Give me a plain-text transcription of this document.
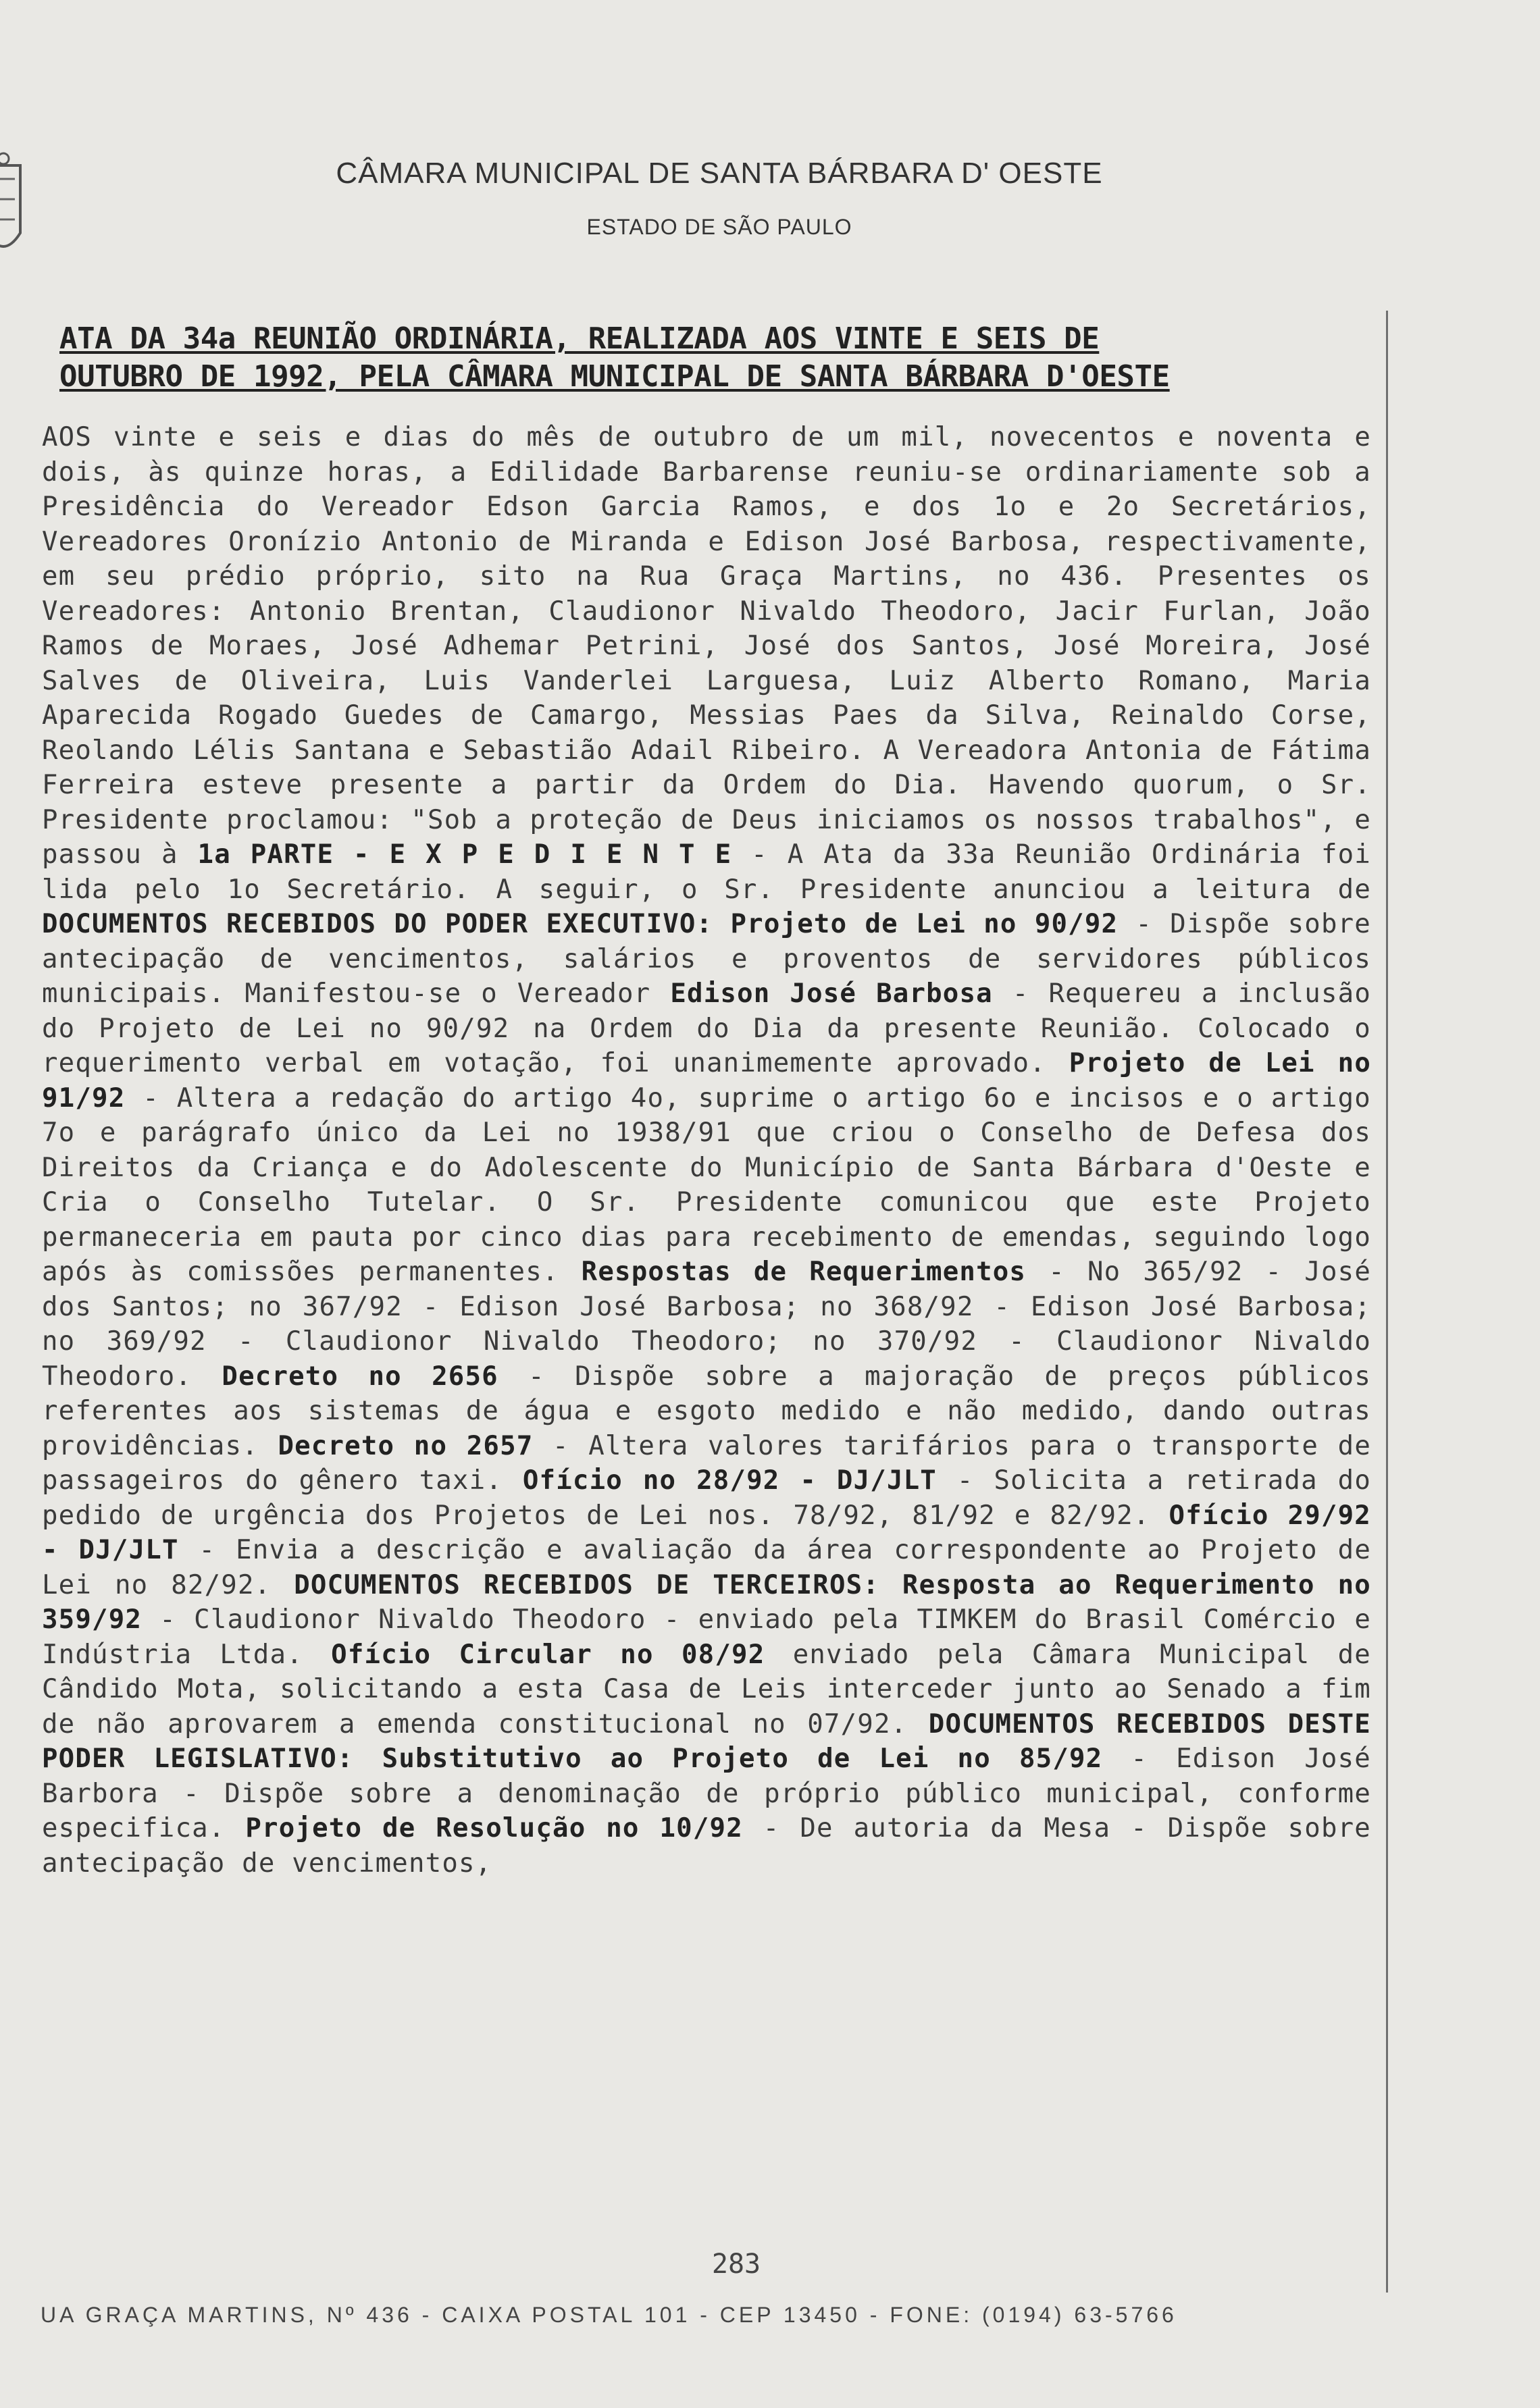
CÂMARA MUNICIPAL DE SANTA BÁRBARA D' OESTE
ESTADO DE SÃO PAULO
ATA DA 34a REUNIÃO ORDINÁRIA, REALIZADA AOS VINTE E SEIS DE
OUTUBRO DE 1992, PELA CÂMARA MUNICIPAL DE SANTA BÁRBARA D'OESTE
AOS vinte e seis e dias do mês de outubro de um mil, novecentos e noventa e dois, às quinze horas, a Edilidade Barbarense reuniu-se ordinariamente sob a Presidência do Vereador Edson Garcia Ramos, e dos 1o e 2o Secretários, Vereadores Oronízio Antonio de Miranda e Edison José Barbosa, respectivamente, em seu prédio próprio, sito na Rua Graça Martins, no 436. Presentes os Vereadores: Antonio Brentan, Claudionor Nivaldo Theodoro, Jacir Furlan, João Ramos de Moraes, José Adhemar Petrini, José dos Santos, José Moreira, José Salves de Oliveira, Luis Vanderlei Larguesa, Luiz Alberto Romano, Maria Aparecida Rogado Guedes de Camargo, Messias Paes da Silva, Reinaldo Corse, Reolando Lélis Santana e Sebastião Adail Ribeiro. A Vereadora Antonia de Fátima Ferreira esteve presente a partir da Ordem do Dia. Havendo quorum, o Sr. Presidente proclamou: "Sob a proteção de Deus iniciamos os nossos trabalhos", e passou à 1a PARTE - E X P E D I E N T E - A Ata da 33a Reunião Ordinária foi lida pelo 1o Secretário. A seguir, o Sr. Presidente anunciou a leitura de DOCUMENTOS RECEBIDOS DO PODER EXECUTIVO: Projeto de Lei no 90/92 - Dispõe sobre antecipação de vencimentos, salários e proventos de servidores públicos municipais. Manifestou-se o Vereador Edison José Barbosa - Requereu a inclusão do Projeto de Lei no 90/92 na Ordem do Dia da presente Reunião. Colocado o requerimento verbal em votação, foi unanimemente aprovado. Projeto de Lei no 91/92 - Altera a redação do artigo 4o, suprime o artigo 6o e incisos e o artigo 7o e parágrafo único da Lei no 1938/91 que criou o Conselho de Defesa dos Direitos da Criança e do Adolescente do Município de Santa Bárbara d'Oeste e Cria o Conselho Tutelar. O Sr. Presidente comunicou que este Projeto permaneceria em pauta por cinco dias para recebimento de emendas, seguindo logo após às comissões permanentes. Respostas de Requerimentos - No 365/92 - José dos Santos; no 367/92 - Edison José Barbosa; no 368/92 - Edison José Barbosa; no 369/92 - Claudionor Nivaldo Theodoro; no 370/92 - Claudionor Nivaldo Theodoro. Decreto no 2656 - Dispõe sobre a majoração de preços públicos referentes aos sistemas de água e esgoto medido e não medido, dando outras providências. Decreto no 2657 - Altera valores tarifários para o transporte de passageiros do gênero taxi. Ofício no 28/92 - DJ/JLT - Solicita a retirada do pedido de urgência dos Projetos de Lei nos. 78/92, 81/92 e 82/92. Ofício 29/92 - DJ/JLT - Envia a descrição e avaliação da área correspondente ao Projeto de Lei no 82/92. DOCUMENTOS RECEBIDOS DE TERCEIROS: Resposta ao Requerimento no 359/92 - Claudionor Nivaldo Theodoro - enviado pela TIMKEM do Brasil Comércio e Indústria Ltda. Ofício Circular no 08/92 enviado pela Câmara Municipal de Cândido Mota, solicitando a esta Casa de Leis interceder junto ao Senado a fim de não aprovarem a emenda constitucional no 07/92. DOCUMENTOS RECEBIDOS DESTE PODER LEGISLATIVO: Substitutivo ao Projeto de Lei no 85/92 - Edison José Barbora - Dispõe sobre a denominação de próprio público municipal, conforme especifica. Projeto de Resolução no 10/92 - De autoria da Mesa - Dispõe sobre antecipação de vencimentos,
283
UA GRAÇA MARTINS, Nº 436 - CAIXA POSTAL 101 - CEP 13450 - FONE: (0194) 63-5766
